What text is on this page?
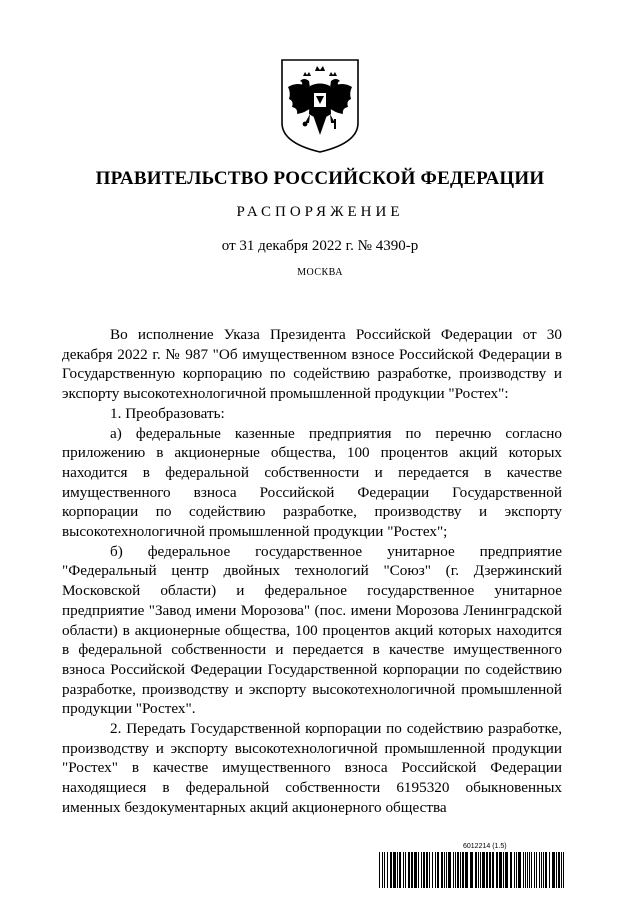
ПРАВИТЕЛЬСТВО РОССИЙСКОЙ ФЕДЕРАЦИИ
РАСПОРЯЖЕНИЕ
от 31 декабря 2022 г. № 4390-р
МОСКВА

Во исполнение Указа Президента Российской Федерации от 30 декабря 2022 г. № 987 "Об имущественном взносе Российской Федерации в Государственную корпорацию по содействию разработке, производству и экспорту высокотехнологичной промышленной продукции "Ростех":

1. Преобразовать:

а) федеральные казенные предприятия по перечню согласно приложению в акционерные общества, 100 процентов акций которых находится в федеральной собственности и передается в качестве имущественного взноса Российской Федерации Государственной корпорации по содействию разработке, производству и экспорту высокотехнологичной промышленной продукции "Ростех";

б) федеральное государственное унитарное предприятие "Федеральный центр двойных технологий "Союз" (г. Дзержинский Московской области) и федеральное государственное унитарное предприятие "Завод имени Морозова" (пос. имени Морозова Ленинградской области) в акционерные общества, 100 процентов акций которых находится в федеральной собственности и передается в качестве имущественного взноса Российской Федерации Государственной корпорации по содействию разработке, производству и экспорту высокотехнологичной промышленной продукции "Ростех".

2. Передать Государственной корпорации по содействию разработке, производству и экспорту высокотехнологичной промышленной продукции "Ростех" в качестве имущественного взноса Российской Федерации находящиеся в федеральной собственности 6195320 обыкновенных именных бездокументарных акций акционерного общества

6012214 (1.5)
